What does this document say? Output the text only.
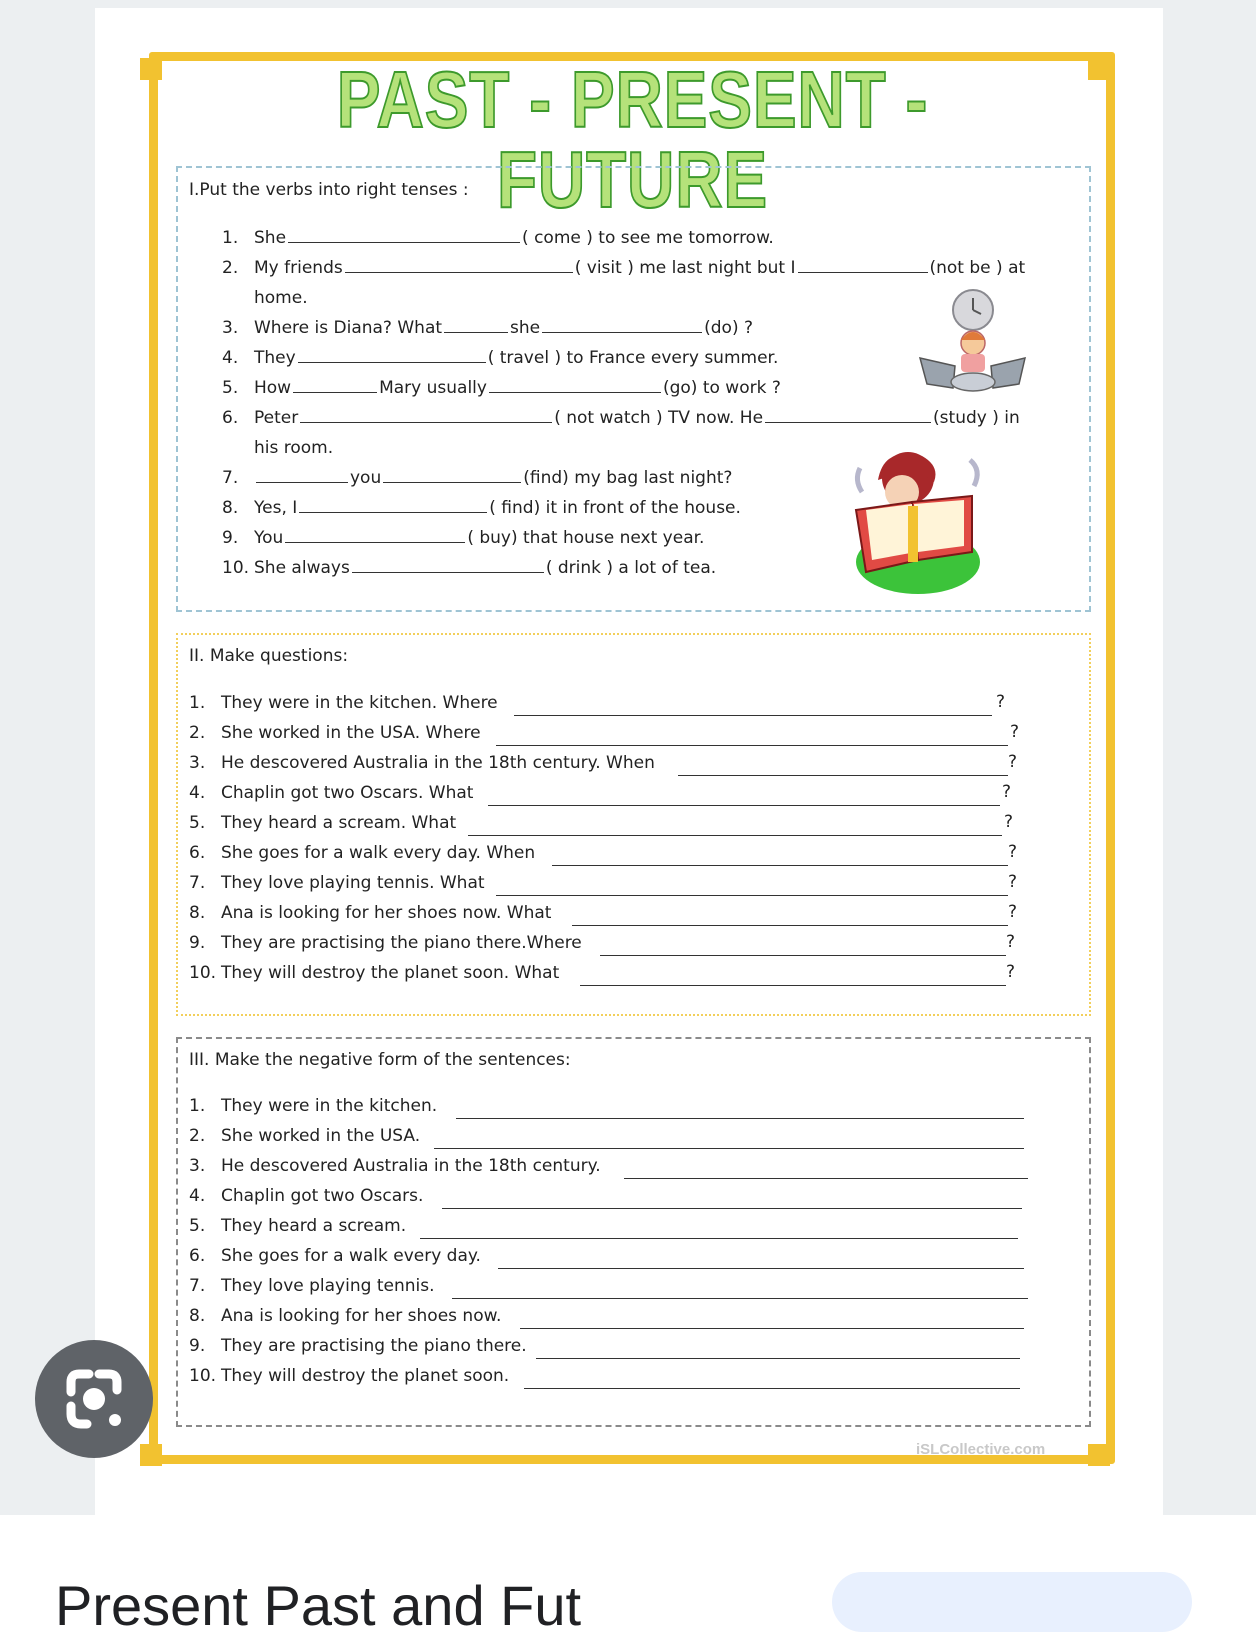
PAST - PRESENT - FUTURE
I.Put the verbs into right tenses :
1. She	( come ) to see me tomorrow.
2. My friends	( visit ) me last night but I	(not be ) at
home.
3. Where is Diana? What	she	(do) ?
4. They	( travel ) to France every summer.
5. How	Mary usually	(go) to work ?
6. Peter	( not watch ) TV now. He	(study ) in
his room.
7.	you	(find) my bag last night?
8. Yes, I	( find) it in front of the house.
9. You	( buy) that house next year.
10. She always	( drink ) a lot of tea.
II. Make questions:
1. They were in the kitchen. Where	?
2. She worked in the USA. Where	?
3. He descovered Australia in the 18th century. When	?
4. Chaplin got two Oscars. What	?
5. They heard a scream. What	?
6. She goes for a walk every day. When	?
7. They love playing tennis. What	?
8. Ana is looking for her shoes now. What	?
9. They are practising the piano there.Where	?
10. They will destroy the planet soon. What	?
III. Make the negative form of the sentences:
1. They were in the kitchen.
2. She worked in the USA.
3. He descovered Australia in the 18th century.
4. Chaplin got two Oscars.
5. They heard a scream.
6. She goes for a walk every day.
7. They love playing tennis.
8. Ana is looking for her shoes now.
9. They are practising the piano there.
10. They will destroy the planet soon.
iSLCollective.com
Present Past and Fut
